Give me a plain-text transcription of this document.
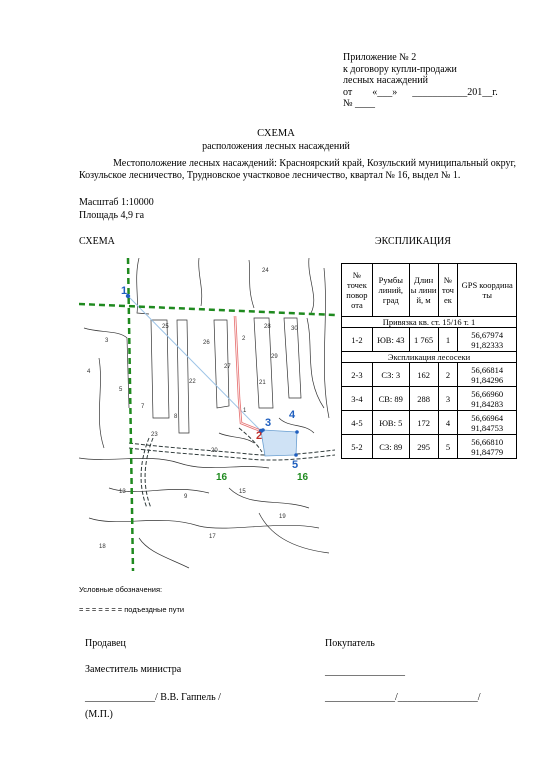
Приложение № 2
к договору купли-продажи
лесных насаждений
от        «___»      ___________201__г.
№ ____
СХЕМА
расположения лесных насаждений
Местоположение лесных насаждений: Красноярский край, Козульский муниципальный округ, Козульское лесничество, Трудновское участковое лесничество, квартал № 16, выдел № 1.
Масштаб 1:10000
Площадь 4,9 га
СХЕМА	ЭКСПЛИКАЦИЯ
1
2
3
4
5
16	16
24
25
26
27
28
29
30
3
4
5
7
8
9
13	15
17
18
19
20
21
22
23
2
1
№ точек повор ота	Румбы линий, град	Длин ы лини й, м	№ точ ек	GPS координа ты
Привязка кв. ст. 15/16 т. 1				
1-2	ЮВ: 43	1 765	1	56,67974
91,82333

Экспликация лесосеки				
2-3	СЗ: 3	162	2	56,66814
91,84296

3-4	СВ: 89	288	3	56,66960
91,84283

4-5	ЮВ: 5	172	4	56,66964
91,84753

5-2	СЗ: 89	295	5	56,66810
91,84779
Условные обозначения:
= = = = = = = подъездные пути
Продавец	Покупатель
Заместитель министра	________________
______________/ В.В. Гаппель /	______________/________________/
(М.П.)
